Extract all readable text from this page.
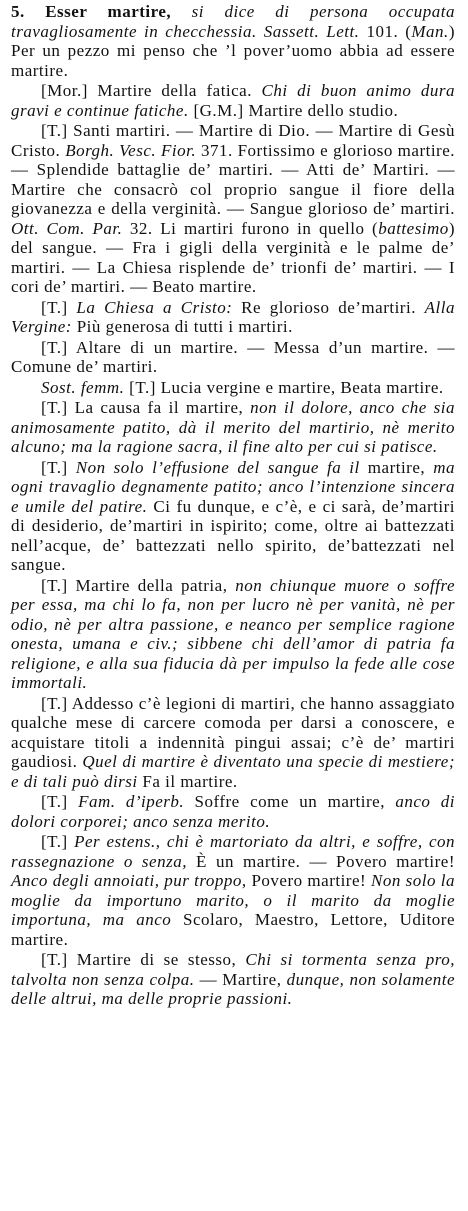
5. Esser martire, si dice di persona occupata travagliosamente in checchessia. Sassett. Lett. 101. (Man.) Per un pezzo mi penso che ’l pover’uomo abbia ad essere martire.

[Mor.] Martire della fatica. Chi di buon animo dura gravi e continue fatiche. [G.M.] Martire dello studio.

[T.] Santi martiri. — Martire di Dio. — Martire di Gesù Cristo. Borgh. Vesc. Fior. 371. Fortissimo e glorioso martire. — Splendide battaglie de’ martiri. — Atti de’ Martiri. — Martire che consacrò col proprio sangue il fiore della giovanezza e della verginità. — Sangue glorioso de’ martiri. Ott. Com. Par. 32. Li martiri furono in quello (battesimo) del sangue. — Fra i gigli della verginità e le palme de’ martiri. — La Chiesa risplende de’ trionfi de’ martiri. — I cori de’ martiri. — Beato martire.

[T.] La Chiesa a Cristo: Re glorioso de’martiri. Alla Vergine: Più generosa di tutti i martiri.

[T.] Altare di un martire. — Messa d’un martire. — Comune de’ martiri.

Sost. femm. [T.] Lucia vergine e martire, Beata martire.

[T.] La causa fa il martire, non il dolore, anco che sia animosamente patito, dà il merito del martirio, nè merito alcuno; ma la ragione sacra, il fine alto per cui si patisce.

[T.] Non solo l’effusione del sangue fa il martire, ma ogni travaglio degnamente patito; anco l’intenzione sincera e umile del patire. Ci fu dunque, e c’è, e ci sarà, de’martiri di desiderio, de’martiri in ispirito; come, oltre ai battezzati nell’acque, de’ battezzati nello spirito, de’battezzati nel sangue.

[T.] Martire della patria, non chiunque muore o soffre per essa, ma chi lo fa, non per lucro nè per vanità, nè per odio, nè per altra passione, e neanco per semplice ragione onesta, umana e civ.; sibbene chi dell’amor di patria fa religione, e alla sua fiducia dà per impulso la fede alle cose immortali.

[T.] Addesso c’è legioni di martiri, che hanno assaggiato qualche mese di carcere comoda per darsi a conoscere, e acquistare titoli a indennità pingui assai; c’è de’ martiri gaudiosi. Quel di martire è diventato una specie di mestiere; e di tali può dirsi Fa il martire.

[T.] Fam. d’iperb. Soffre come un martire, anco di dolori corporei; anco senza merito.

[T.] Per estens., chi è martoriato da altri, e soffre, con rassegnazione o senza, È un martire. — Povero martire! Anco degli annoiati, pur troppo, Povero martire! Non solo la moglie da importuno marito, o il marito da moglie importuna, ma anco Scolaro, Maestro, Lettore, Uditore martire.

[T.] Martire di se stesso, Chi si tormenta senza pro, talvolta non senza colpa. — Martire, dunque, non solamente delle altrui, ma delle proprie passioni.
